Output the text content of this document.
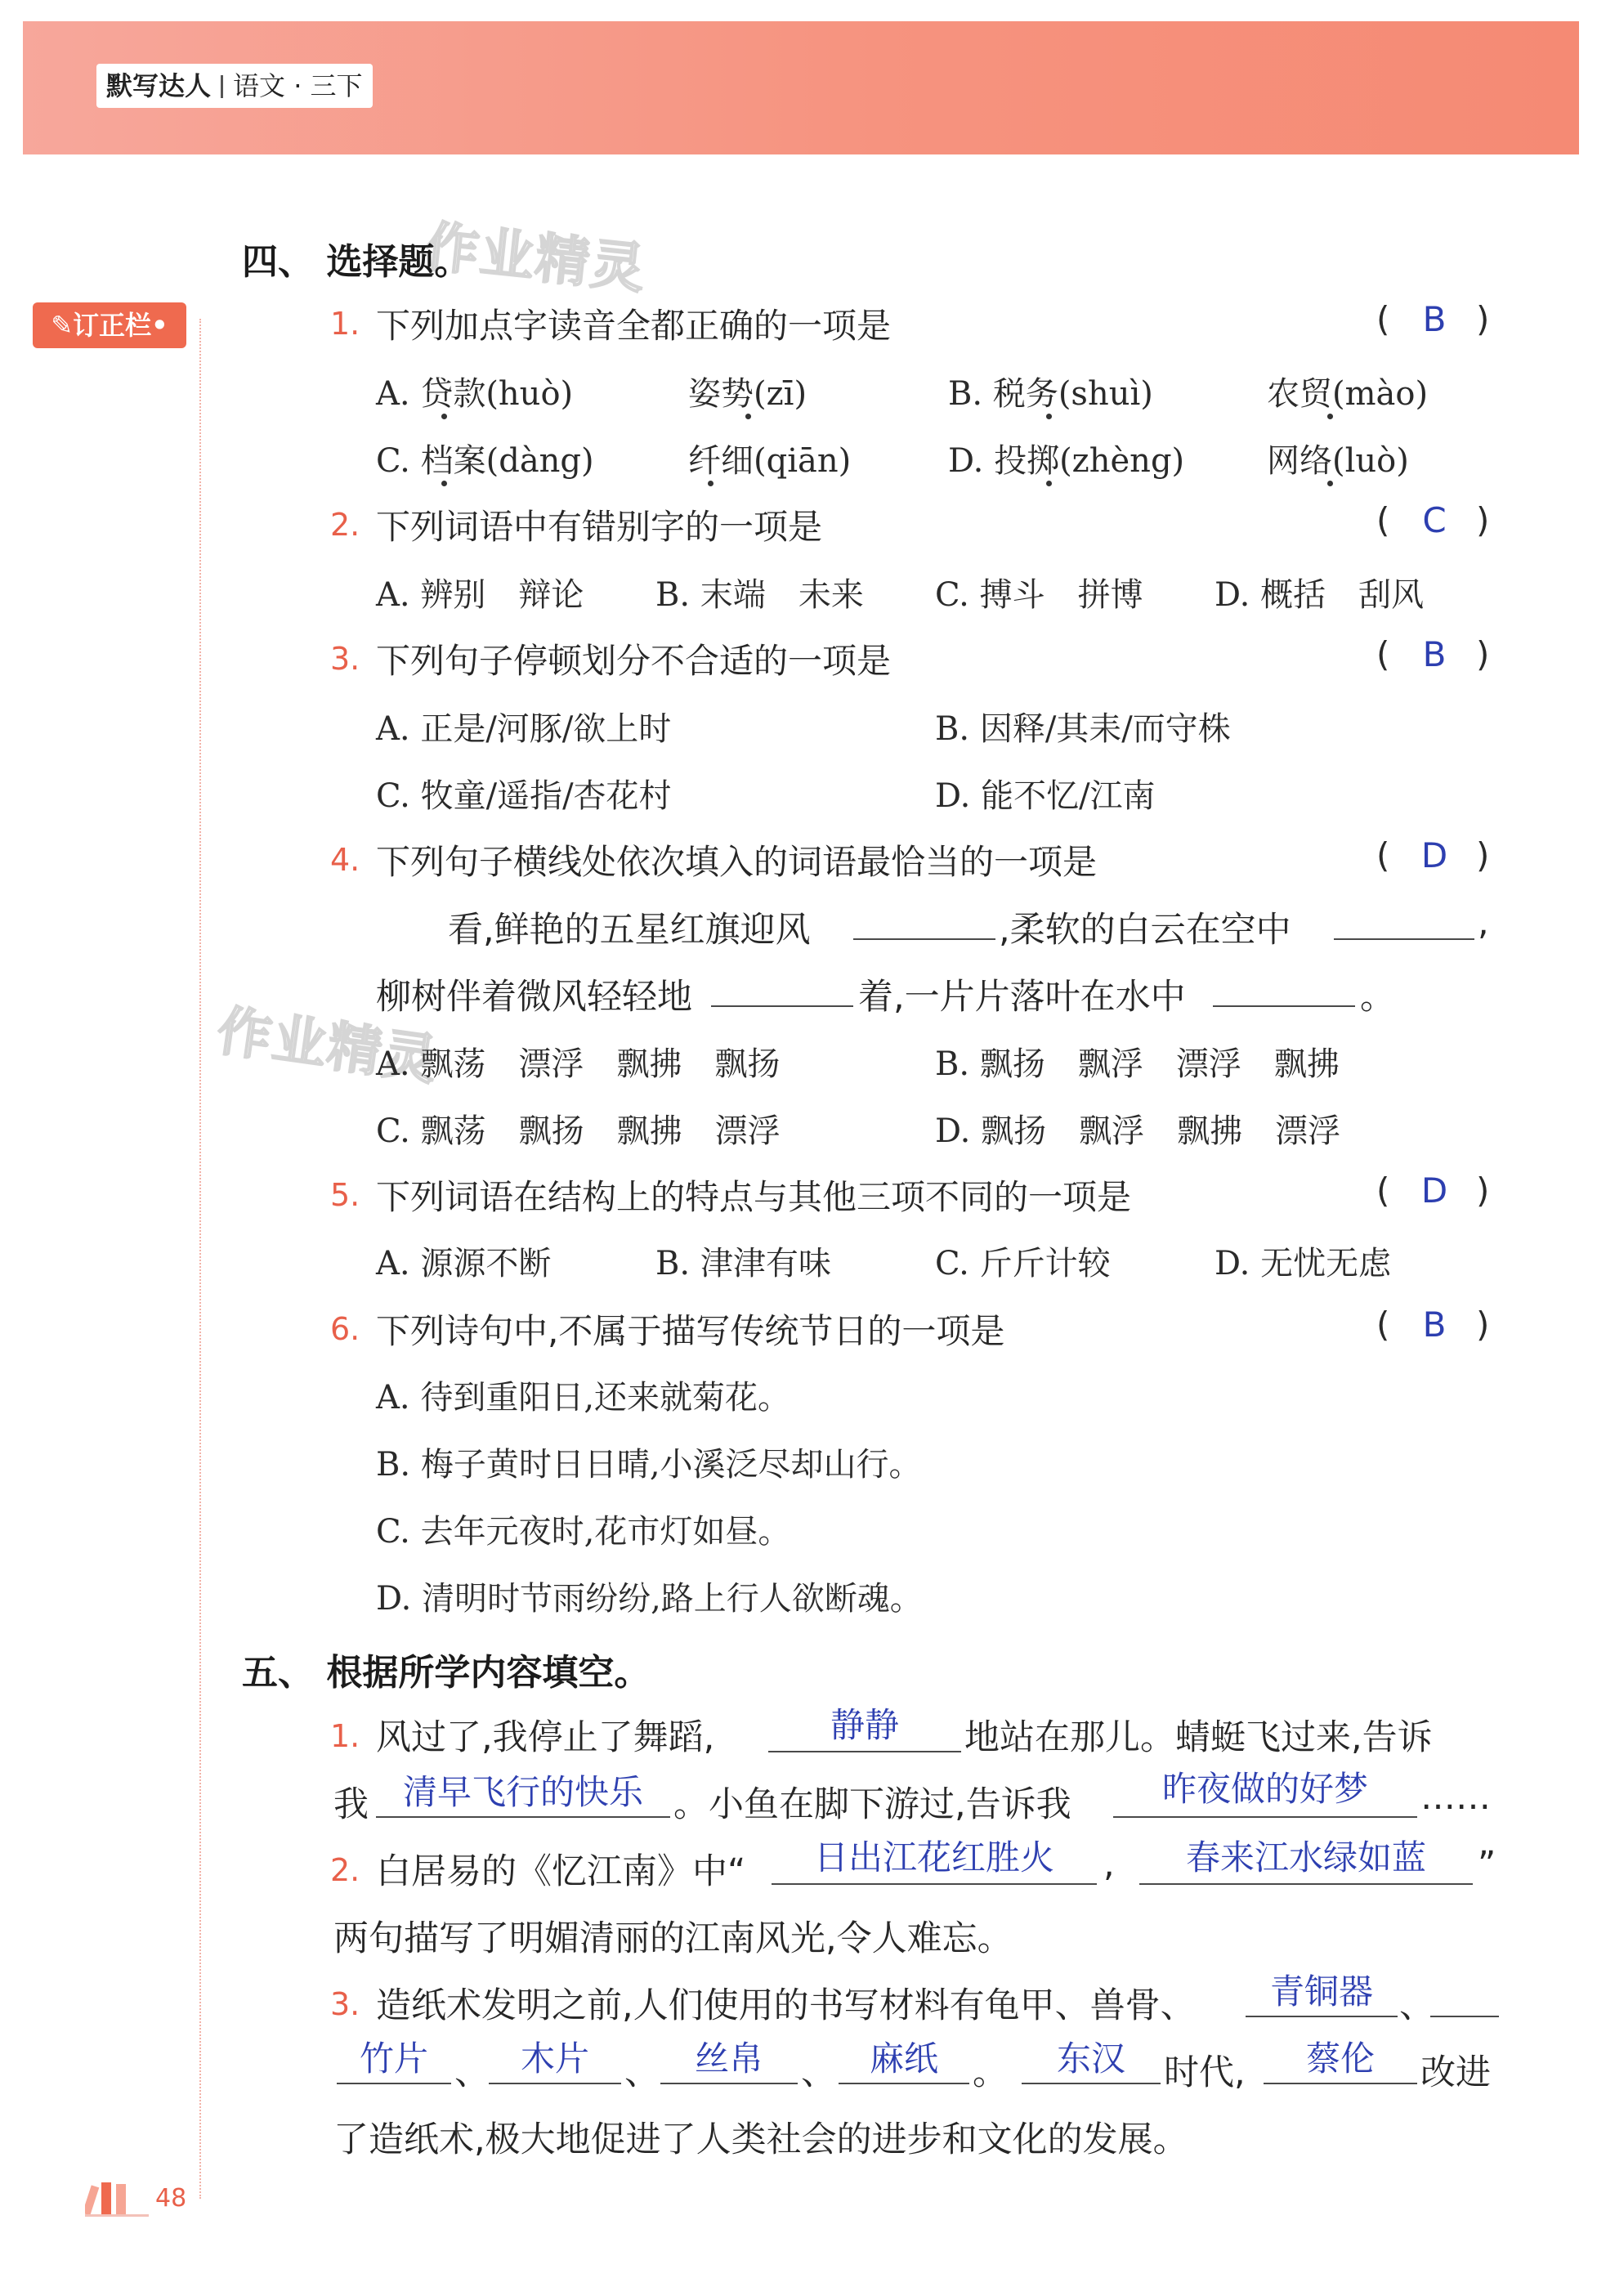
默写达人 语文 · 三下
✎订正栏•
作业精灵
作业精灵
四、 选择题。
1. 下列加点字读音全都正确的一项是	( B )
A. 贷款(huò)	姿势(zī)	B. 税务(shuì)	农贸(mào)
C. 档案(dàng)	纤细(qiān)	D. 投掷(zhèng)	网络(luò)
2. 下列词语中有错别字的一项是	( C )
A. 辨别　辩论 B. 末端　未来 C. 搏斗　拼博 D. 概括　刮风
3. 下列句子停顿划分不合适的一项是	( B )
A. 正是/河豚/欲上时	B. 因释/其耒/而守株
C. 牧童/遥指/杏花村	D. 能不忆/江南
4. 下列句子横线处依次填入的词语最恰当的一项是	( D )
看,鲜艳的五星红旗迎风	,柔软的白云在空中	,
柳树伴着微风轻轻地	着,一片片落叶在水中	。
A. 飘荡　漂浮　飘拂　飘扬	B. 飘扬　飘浮　漂浮　飘拂
C. 飘荡　飘扬　飘拂　漂浮	D. 飘扬　飘浮　飘拂　漂浮
5. 下列词语在结构上的特点与其他三项不同的一项是	( D )
A. 源源不断	B. 津津有味	C. 斤斤计较	D. 无忧无虑
6. 下列诗句中,不属于描写传统节日的一项是	( B )
A. 待到重阳日,还来就菊花。
B. 梅子黄时日日晴,小溪泛尽却山行。
C. 去年元夜时,花市灯如昼。
D. 清明时节雨纷纷,路上行人欲断魂。
五、 根据所学内容填空。
1. 风过了,我停止了舞蹈,	静静	地站在那儿。蜻蜓飞过来,告诉
我 清早飞行的快乐 。小鱼在脚下游过,告诉我	昨夜做的好梦	……
2. 白居易的《忆江南》中“	日出江花红胜火	,	春来江水绿如蓝	”
两句描写了明媚清丽的江南风光,令人难忘。
3. 造纸术发明之前,人们使用的书写材料有龟甲、兽骨、	青铜器 、
竹片 、 木片	、	丝帛	、 麻纸 。	东汉	时代,	蔡伦	改进
了造纸术,极大地促进了人类社会的进步和文化的发展。
48
